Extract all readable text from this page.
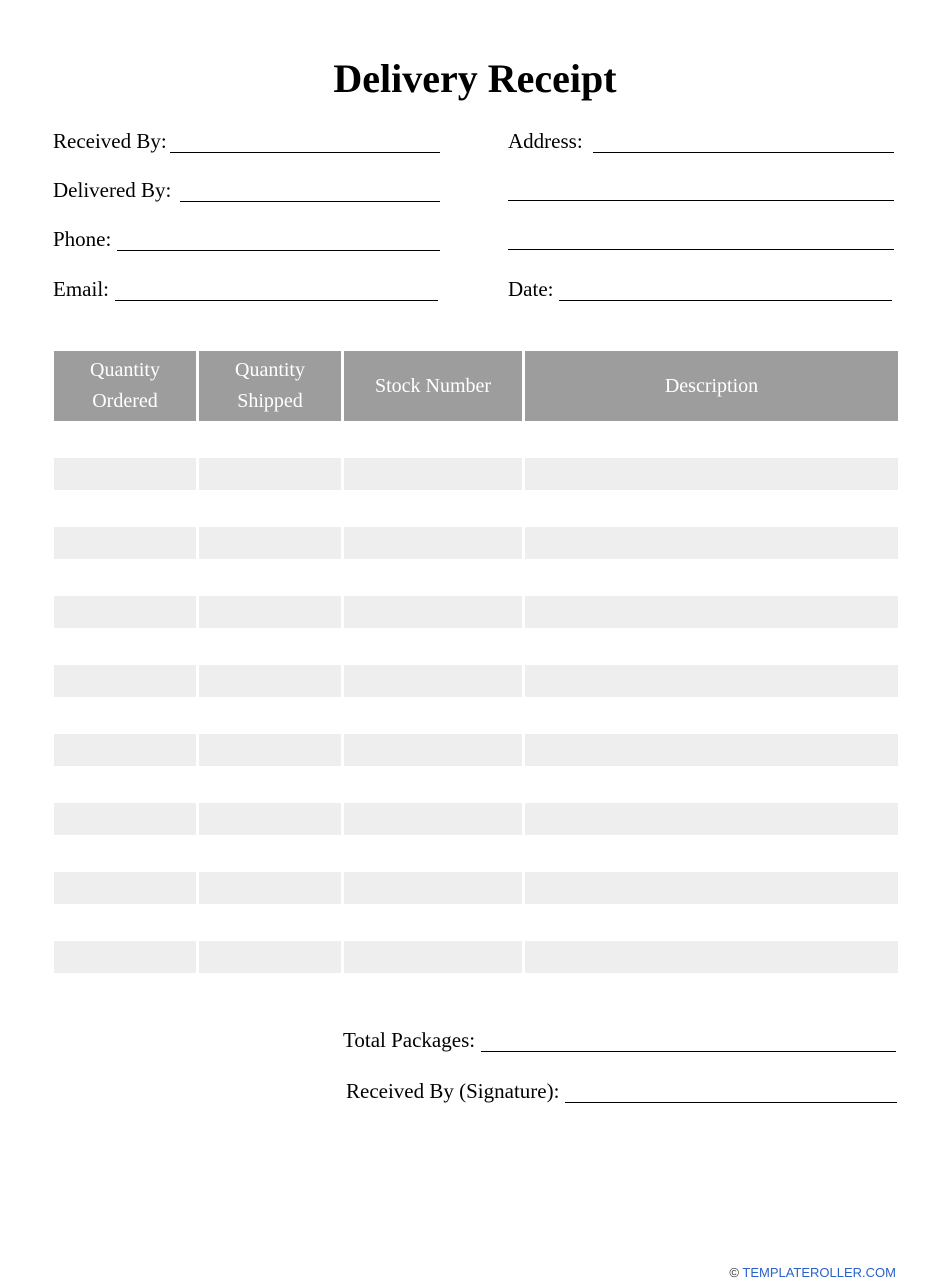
Delivery Receipt
Received By:
Delivered By:
Phone:
Email:
Address:
Date:
Quantity Ordered
Quantity Shipped
Stock Number	Description
Total Packages:
Received By (Signature):
© TEMPLATEROLLER.COM
